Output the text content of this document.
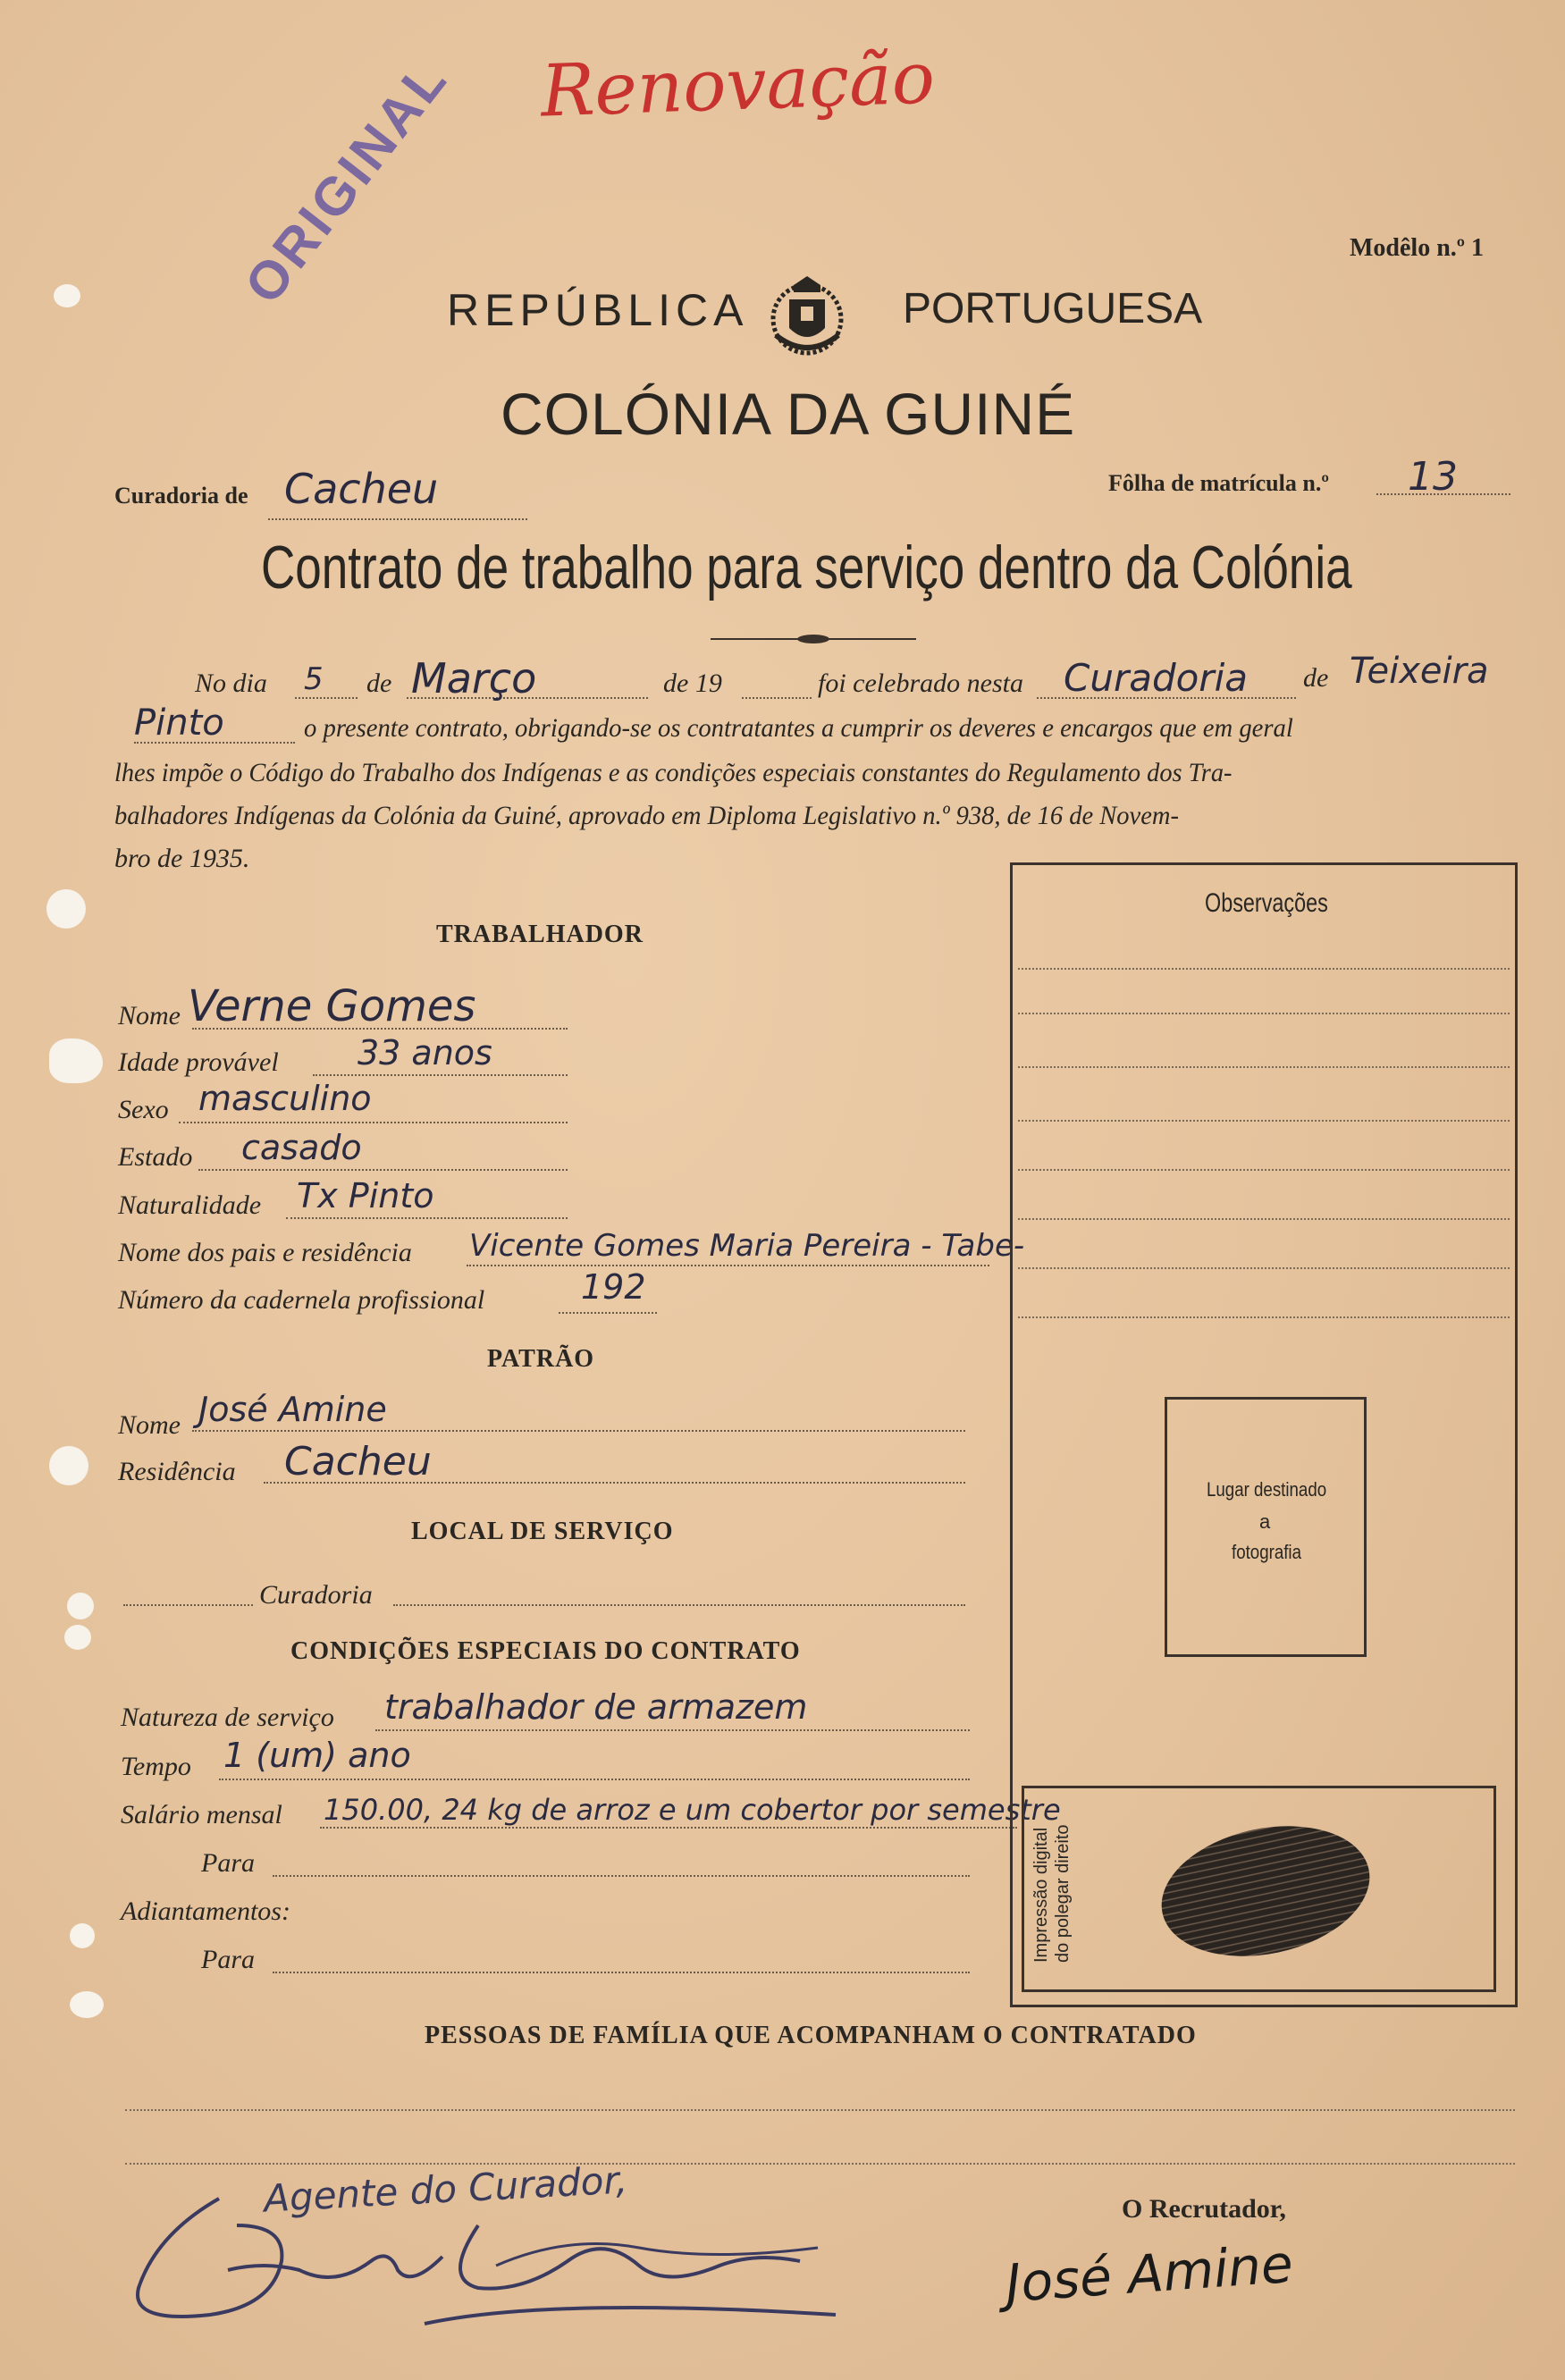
Renovação
ORIGINAL	Modêlo n.º 1
REPÚBLICA	PORTUGUESA
COLÓNIA DA GUINÉ
Curadoria de Cacheu	Fôlha de matrícula n.º 13
Contrato de trabalho para serviço dentro da Colónia
No dia 5 de Março	de 19	foi celebrado nesta Curadoria de Teixeira
Pinto	o presente contrato, obrigando-se os contratantes a cumprir os deveres e encargos que em geral
lhes impõe o Código do Trabalho dos Indígenas e as condições especiais constantes do Regulamento dos Tra-
balhadores Indígenas da Colónia da Guiné, aprovado em Diploma Legislativo n.º 938, de 16 de Novem-
bro de 1935.
TRABALHADOR
Nome Verne Gomes
Idade provável 33 anos
Sexo masculino
Estado casado
Naturalidade Tx Pinto
Nome dos pais e residência Vicente Gomes Maria Pereira - Tabe-
Número da cadernela profissional	192
PATRÃO
Nome José Amine
Residência Cacheu
LOCAL DE SERVIÇO
Curadoria
CONDIÇÕES ESPECIAIS DO CONTRATO
Natureza de serviço trabalhador de armazem
Tempo 1 (um) ano
Salário mensal 150.00, 24 kg de arroz e um cobertor por semestre
Para
Adiantamentos:
Para
Observações
Lugar destinado
a
fotografia
Impressão digital do polegar direito
PESSOAS DE FAMÍLIA QUE ACOMPANHAM O CONTRATADO
Agente do Curador,	O Recrutador,
José Amine
